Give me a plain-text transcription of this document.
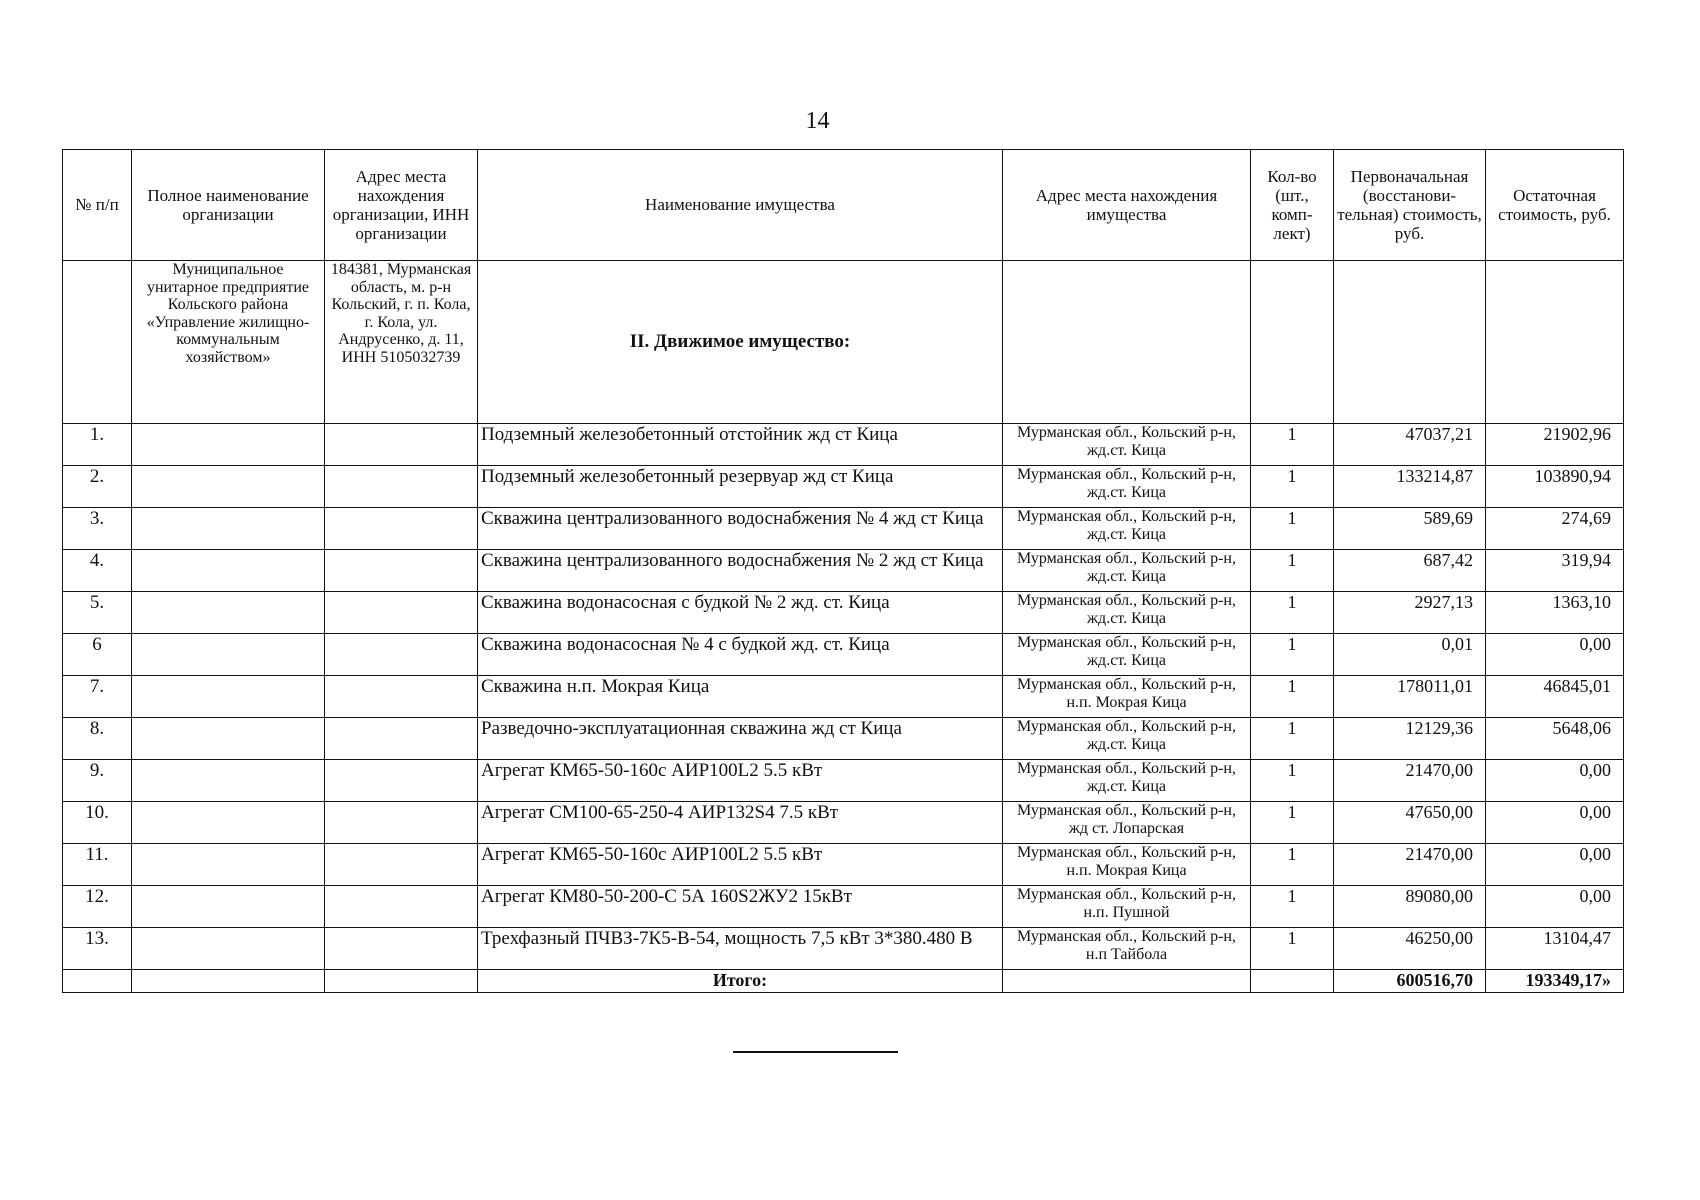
14
№ п/п	Полное наименование организации	Адрес места нахождения организации, ИНН организации	Наименование имущества	Адрес места нахождения имущества	Кол-во (шт., комп-лект)	Первоначальная (восстанови-тельная) стоимость, руб.	Остаточная стоимость, руб.
	Муниципальное унитарное предприятие Кольского района «Управление жилищно-коммунальным хозяйством»	184381, Мурманская область, м. р-н Кольский, г. п. Кола, г. Кола, ул. Андрусенко, д. 11, ИНН 5105032739	II. Движимое имущество:				
1.			Подземный железобетонный отстойник жд ст Кица	Мурманская обл., Кольский р-н, жд.ст. Кица	1	47037,21	21902,96
2.			Подземный железобетонный резервуар жд ст Кица	Мурманская обл., Кольский р-н, жд.ст. Кица	1	133214,87	103890,94
3.			Скважина централизованного водоснабжения № 4 жд ст Кица	Мурманская обл., Кольский р-н, жд.ст. Кица	1	589,69	274,69
4.			Скважина централизованного водоснабжения № 2 жд ст Кица	Мурманская обл., Кольский р-н, жд.ст. Кица	1	687,42	319,94
5.			Скважина водонасосная с будкой № 2 жд. ст. Кица	Мурманская обл., Кольский р-н, жд.ст. Кица	1	2927,13	1363,10
6			Скважина водонасосная № 4 с будкой жд. ст. Кица	Мурманская обл., Кольский р-н, жд.ст. Кица	1	0,01	0,00
7.			Скважина н.п. Мокрая Кица	Мурманская обл., Кольский р-н, н.п. Мокрая Кица	1	178011,01	46845,01
8.			Разведочно-эксплуатационная скважина жд ст Кица	Мурманская обл., Кольский р-н, жд.ст. Кица	1	12129,36	5648,06
9.			Агрегат КМ65-50-160с АИР100L2 5.5 кВт	Мурманская обл., Кольский р-н, жд.ст. Кица	1	21470,00	0,00
10.			Агрегат СМ100-65-250-4 АИР132S4 7.5 кВт	Мурманская обл., Кольский р-н, жд ст. Лопарская	1	47650,00	0,00
11.			Агрегат КМ65-50-160с АИР100L2 5.5 кВт	Мурманская обл., Кольский р-н, н.п. Мокрая Кица	1	21470,00	0,00
12.			Агрегат КМ80-50-200-С 5А 160S2ЖУ2 15кВт	Мурманская обл., Кольский р-н, н.п. Пушной	1	89080,00	0,00
13.			Трехфазный ПЧВЗ-7К5-В-54, мощность 7,5 кВт 3*380.480 В	Мурманская обл., Кольский р-н, н.п Тайбола	1	46250,00	13104,47
			Итого:			600516,70	193349,17»
